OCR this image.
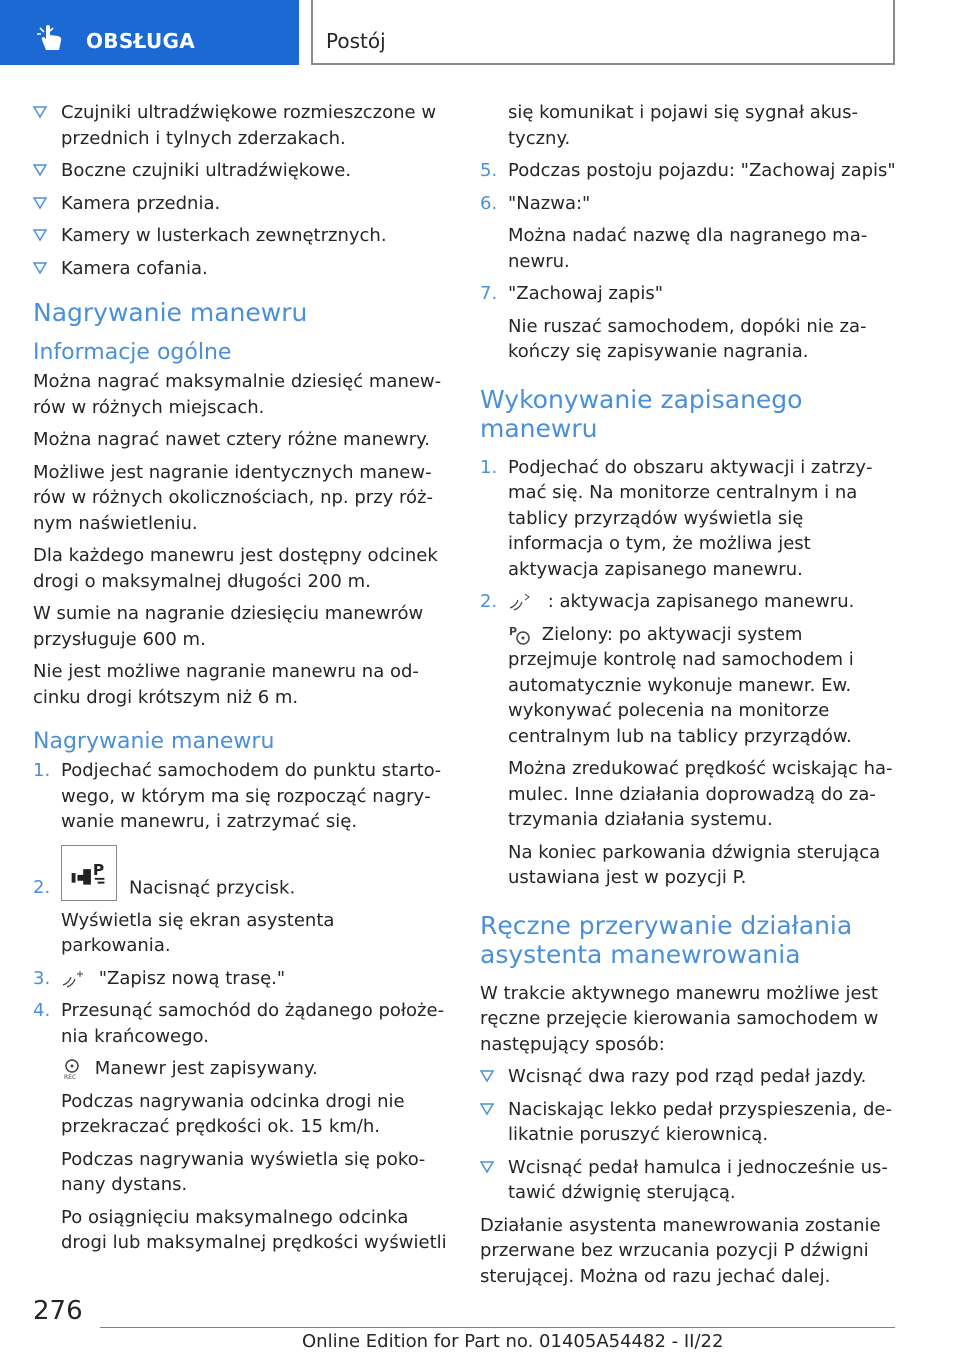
OBSŁUGA	Postój
Czujniki ultradźwiękowe rozmieszczone w przednich i tylnych zderzakach.
Boczne czujniki ultradźwiękowe.
Kamera przednia.
Kamery w lusterkach zewnętrznych.
Kamera cofania.
Nagrywanie manewru
Informacje ogólne
Można nagrać maksymalnie dziesięć manewrów w różnych miejscach.
Można nagrać nawet cztery różne manewry.
Możliwe jest nagranie identycznych manewrów w różnych okolicznościach, np. przy różnym naświetleniu.
Dla każdego manewru jest dostępny odcinek drogi o maksymalnej długości 200 m.
W sumie na nagranie dziesięciu manewrów przysługuje 600 m.
Nie jest możliwe nagranie manewru na odcinku drogi krótszym niż 6 m.
Nagrywanie manewru
1. Podjechać samochodem do punktu startowego, w którym ma się rozpocząć nagrywanie manewru, i zatrzymać się.
2.
P
Nacisnąć przycisk.
Wyświetla się ekran asystenta parkowania.
3.	"Zapisz nową trasę."
4. Przesunąć samochód do żądanego położenia krańcowego.
REC Manewr jest zapisywany.
Podczas nagrywania odcinka drogi nie przekraczać prędkości ok. 15 km/h.
Podczas nagrywania wyświetla się pokonany dystans.
Po osiągnięciu maksymalnego odcinka drogi lub maksymalnej prędkości wyświetli
się komunikat i pojawi się sygnał akustyczny.
5. Podczas postoju pojazdu: "Zachowaj zapis"
6. "Nazwa:"
Można nadać nazwę dla nagranego manewru.
7. "Zachowaj zapis"
Nie ruszać samochodem, dopóki nie zakończy się zapisywanie nagrania.
Wykonywanie zapisanego manewru
1. Podjechać do obszaru aktywacji i zatrzymać się. Na monitorze centralnym i na tablicy przyrządów wyświetla się informacja o tym, że możliwa jest aktywacja zapisanego manewru.
2.	: aktywacja zapisanego manewru.
P Zielony: po aktywacji system przejmuje kontrolę nad samochodem i automatycznie wykonuje manewr. Ew. wykonywać polecenia na monitorze centralnym lub na tablicy przyrządów.
Można zredukować prędkość wciskając hamulec. Inne działania doprowadzą do zatrzymania działania systemu.
Na koniec parkowania dźwignia sterująca ustawiana jest w pozycji P.
Ręczne przerywanie działania asystenta manewrowania
W trakcie aktywnego manewru możliwe jest ręczne przejęcie kierowania samochodem w następujący sposób:
Wcisnąć dwa razy pod rząd pedał jazdy.
Naciskając lekko pedał przyspieszenia, delikatnie poruszyć kierownicą.
Wcisnąć pedał hamulca i jednocześnie ustawić dźwignię sterującą.
Działanie asystenta manewrowania zostanie przerwane bez wrzucania pozycji P dźwigni sterującej. Można od razu jechać dalej.
276
Online Edition for Part no. 01405A54482 - II/22
